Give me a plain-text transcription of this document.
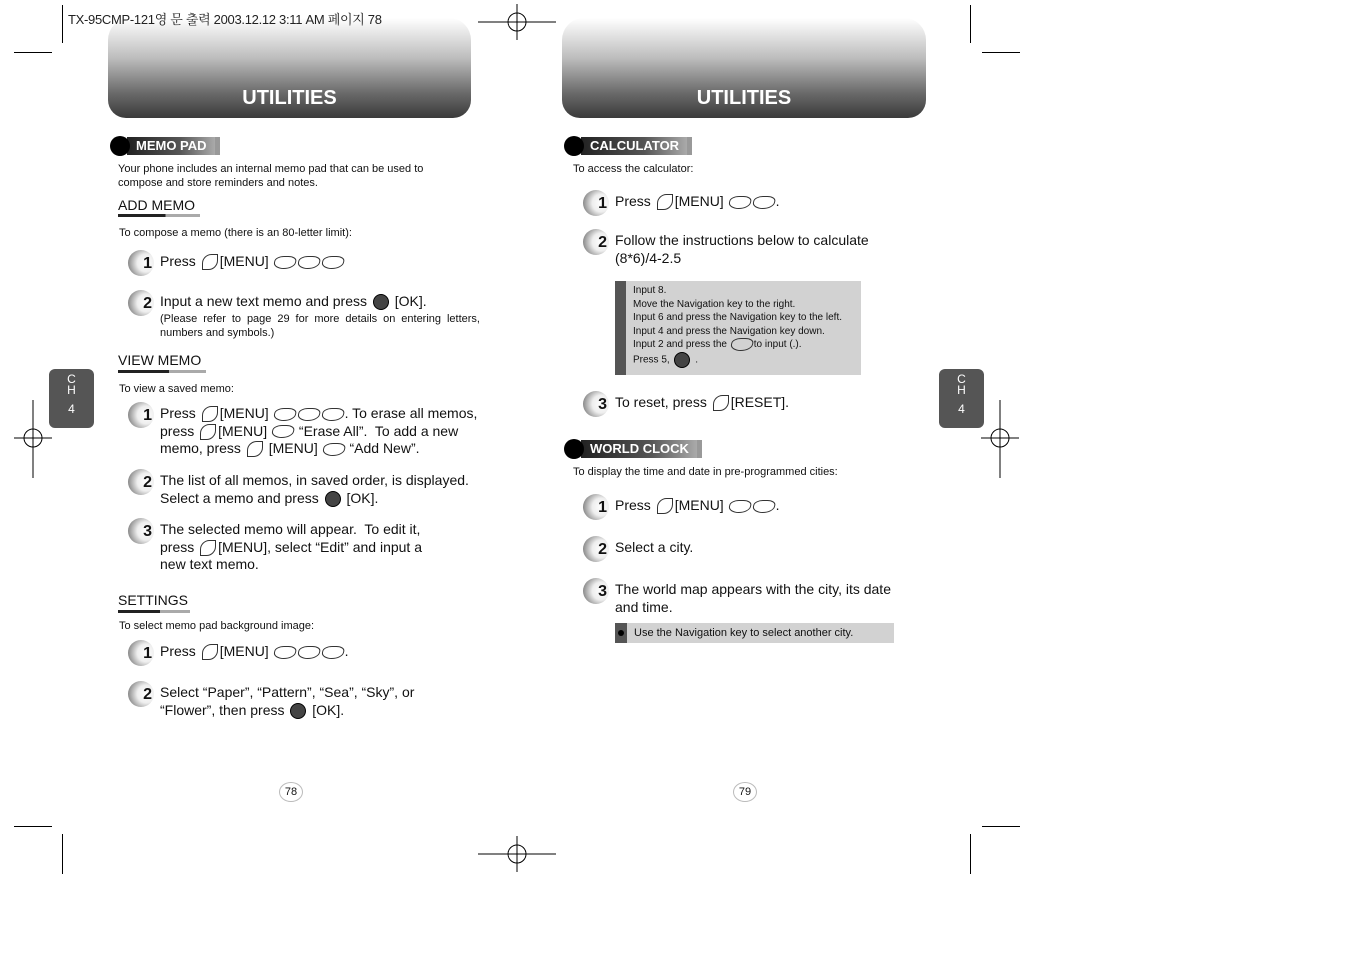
TX-95CMP-121영 문 출력 2003.12.12 3:11 AM 페이지 78
UTILITIES
MEMO PAD
Your phone includes an internal memo pad that can be used to
compose and store reminders and notes.
ADD MEMO
To compose a memo (there is an 80-letter limit):
1 Press [MENU]
2 Input a new text memo and press  [OK].
(Please refer to page 29 for more details on entering letters,
numbers and symbols.)
VIEW MEMO
To view a saved memo:
1 Press [MENU]	. To erase all memos,
press [MENU]  “Erase All”.  To add a new
memo, press  [MENU]  “Add New”.
2 The list of all memos, in saved order, is displayed.
Select a memo and press  [OK].
3 The selected memo will appear.  To edit it,
press [MENU], select “Edit” and input a
new text memo.
SETTINGS
To select memo pad background image:
1 Press [MENU]	.
2 Select “Paper”, “Pattern”, “Sea”, “Sky”, or
“Flower”, then press  [OK].
C
H
4
78
UTILITIES
CALCULATOR
To access the calculator:
1 Press [MENU]	.
2 Follow the instructions below to calculate
(8*6)/4-2.5
3 To reset, press [RESET].
Input 8.
Move the Navigation key to the right.
Input 6 and press the Navigation key to the left.
Input 4 and press the Navigation key down.
Input 2 and press the to input (.).
Press 5,  .
WORLD CLOCK
To display the time and date in pre-programmed cities:
1 Press [MENU]	.
2 Select a city.
3 The world map appears with the city, its date
and time.
Use the Navigation key to select another city.
C
H
4
79
